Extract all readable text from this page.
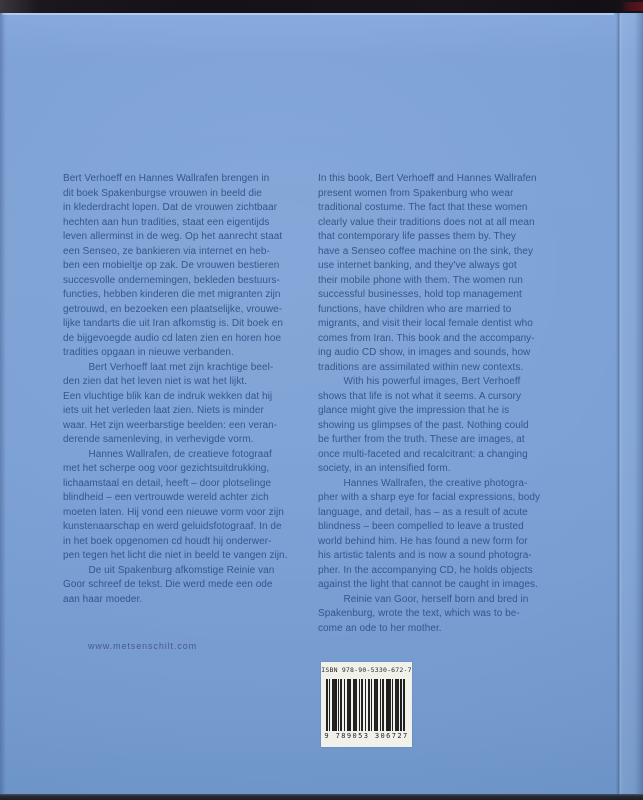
Bert Verhoeff en Hannes Wallrafen brengen in
dit boek Spakenburgse vrouwen in beeld die
in klederdracht lopen. Dat de vrouwen zichtbaar
hechten aan hun tradities, staat een eigentijds
leven allerminst in de weg. Op het aanrecht staat
een Senseo, ze bankieren via internet en heb-
ben een mobieltje op zak. De vrouwen bestieren
succesvolle ondernemingen, bekleden bestuurs-
functies, hebben kinderen die met migranten zijn
getrouwd, en bezoeken een plaatselijke, vrouwe-
lijke tandarts die uit Iran afkomstig is. Dit boek en
de bijgevoegde audio cd laten zien en horen hoe
tradities opgaan in nieuwe verbanden.
Bert Verhoeff laat met zijn krachtige beel-
den zien dat het leven niet is wat het lijkt.
Een vluchtige blik kan de indruk wekken dat hij
iets uit het verleden laat zien. Niets is minder
waar. Het zijn weerbarstige beelden: een veran-
derende samenleving, in verhevigde vorm.
Hannes Wallrafen, de creatieve fotograaf
met het scherpe oog voor gezichtsuitdrukking,
lichaamstaal en detail, heeft – door plotselinge
blindheid – een vertrouwde wereld achter zich
moeten laten. Hij vond een nieuwe vorm voor zijn
kunstenaarschap en werd geluidsfotograaf. In de
in het boek opgenomen cd houdt hij onderwer-
pen tegen het licht die niet in beeld te vangen zijn.
De uit Spakenburg afkomstige Reinie van
Goor schreef de tekst. Die werd mede een ode
aan haar moeder.
In this book, Bert Verhoeff and Hannes Wallrafen
present women from Spakenburg who wear
traditional costume. The fact that these women
clearly value their traditions does not at all mean
that contemporary life passes them by. They
have a Senseo coffee machine on the sink, they
use internet banking, and they've always got
their mobile phone with them. The women run
successful businesses, hold top management
functions, have children who are married to
migrants, and visit their local female dentist who
comes from Iran. This book and the accompany-
ing audio CD show, in images and sounds, how
traditions are assimilated within new contexts.
With his powerful images, Bert Verhoeff
shows that life is not what it seems. A cursory
glance might give the impression that he is
showing us glimpses of the past. Nothing could
be further from the truth. These are images, at
once multi-faceted and recalcitrant: a changing
society, in an intensified form.
Hannes Wallrafen, the creative photogra-
pher with a sharp eye for facial expressions, body
language, and detail, has – as a result of acute
blindness – been compelled to leave a trusted
world behind him. He has found a new form for
his artistic talents and is now a sound photogra-
pher. In the accompanying CD, he holds objects
against the light that cannot be caught in images.
Reinie van Goor, herself born and bred in
Spakenburg, wrote the text, which was to be-
come an ode to her mother.
www.metsenschilt.com
ISBN 978-90-5330-672-7
9 789053 306727
